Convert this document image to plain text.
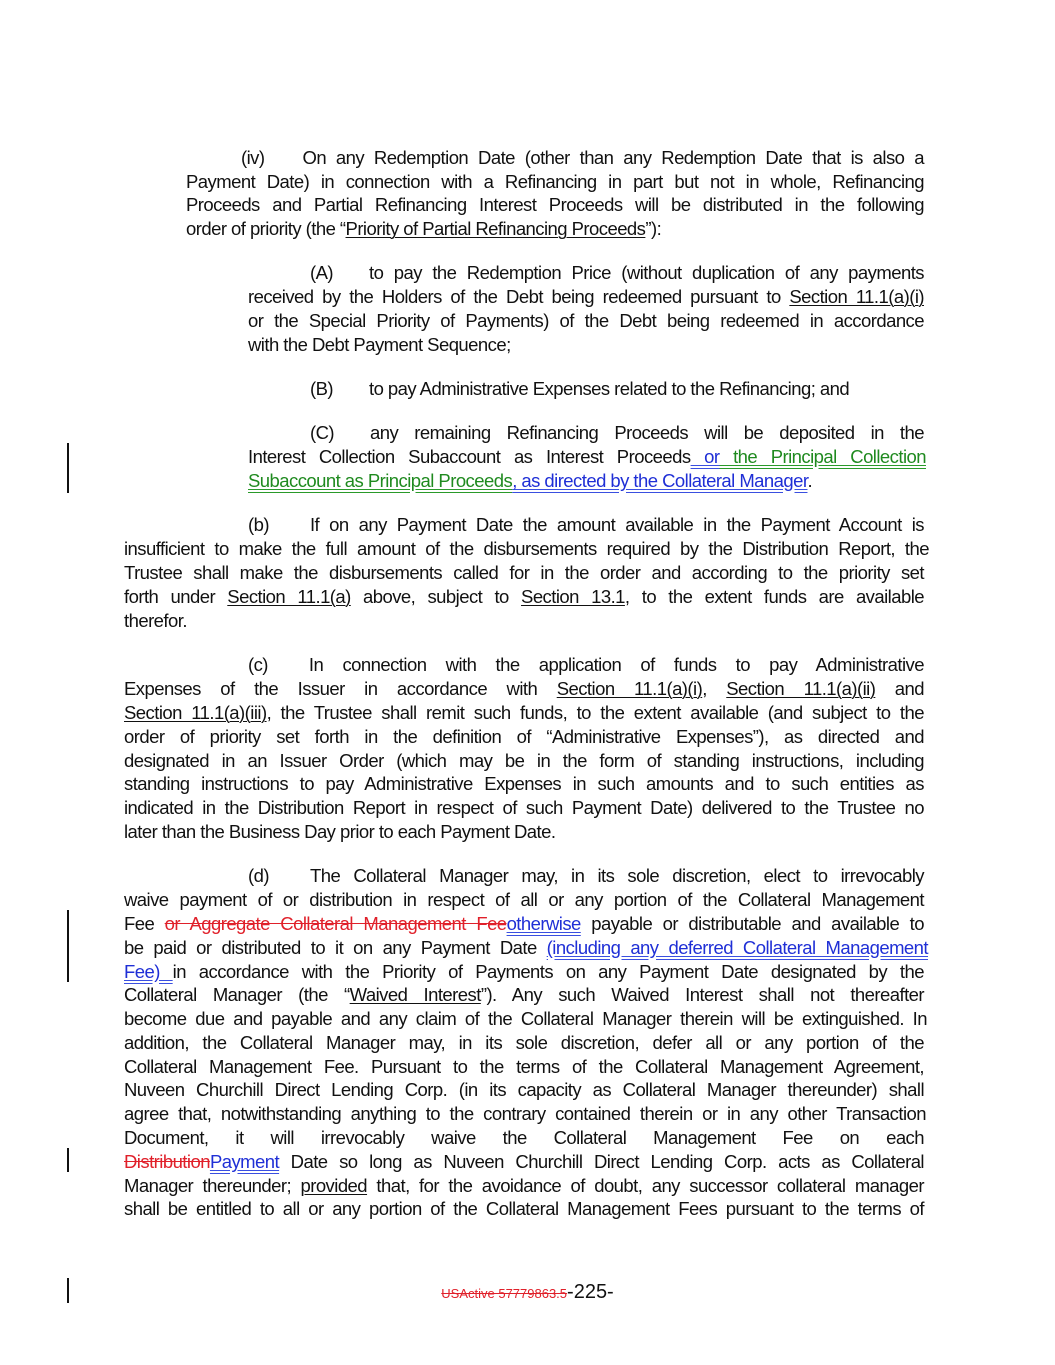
(iv) On any Redemption Date (other than any Redemption Date that is also a
Payment Date) in connection with a Refinancing in part but not in whole, Refinancing
Proceeds and Partial Refinancing Interest Proceeds will be distributed in the following
order of priority (the “Priority of Partial Refinancing Proceeds”):
(A) to pay the Redemption Price (without duplication of any payments
received by the Holders of the Debt being redeemed pursuant to Section 11.1(a)(i)
or the Special Priority of Payments) of the Debt being redeemed in accordance
with the Debt Payment Sequence;
(B) to pay Administrative Expenses related to the Refinancing; and
(C) any remaining Refinancing Proceeds will be deposited in the
Interest Collection Subaccount as Interest Proceeds or the Principal Collection
Subaccount as Principal Proceeds, as directed by the Collateral Manager.
(b) If on any Payment Date the amount available in the Payment Account is
insufficient to make the full amount of the disbursements required by the Distribution Report, the
Trustee shall make the disbursements called for in the order and according to the priority set
forth under Section 11.1(a) above, subject to Section 13.1, to the extent funds are available
therefor.
(c) In connection with the application of funds to pay Administrative
Expenses of the Issuer in accordance with Section 11.1(a)(i), Section 11.1(a)(ii) and
Section 11.1(a)(iii), the Trustee shall remit such funds, to the extent available (and subject to the
order of priority set forth in the definition of “Administrative Expenses”), as directed and
designated in an Issuer Order (which may be in the form of standing instructions, including
standing instructions to pay Administrative Expenses in such amounts and to such entities as
indicated in the Distribution Report in respect of such Payment Date) delivered to the Trustee no
later than the Business Day prior to each Payment Date.
(d) The Collateral Manager may, in its sole discretion, elect to irrevocably
waive payment of or distribution in respect of all or any portion of the Collateral Management
Fee or Aggregate Collateral Management Feeotherwise payable or distributable and available to
be paid or distributed to it on any Payment Date (including any deferred Collateral Management
Fee) in accordance with the Priority of Payments on any Payment Date designated by the
Collateral Manager (the “Waived Interest”). Any such Waived Interest shall not thereafter
become due and payable and any claim of the Collateral Manager therein will be extinguished. In
addition, the Collateral Manager may, in its sole discretion, defer all or any portion of the
Collateral Management Fee. Pursuant to the terms of the Collateral Management Agreement,
Nuveen Churchill Direct Lending Corp. (in its capacity as Collateral Manager thereunder) shall
agree that, notwithstanding anything to the contrary contained therein or in any other Transaction
Document, it will irrevocably waive the Collateral Management Fee on each
DistributionPayment Date so long as Nuveen Churchill Direct Lending Corp. acts as Collateral
Manager thereunder; provided that, for the avoidance of doubt, any successor collateral manager
shall be entitled to all or any portion of the Collateral Management Fees pursuant to the terms of
USActive 57779863.5-225-
